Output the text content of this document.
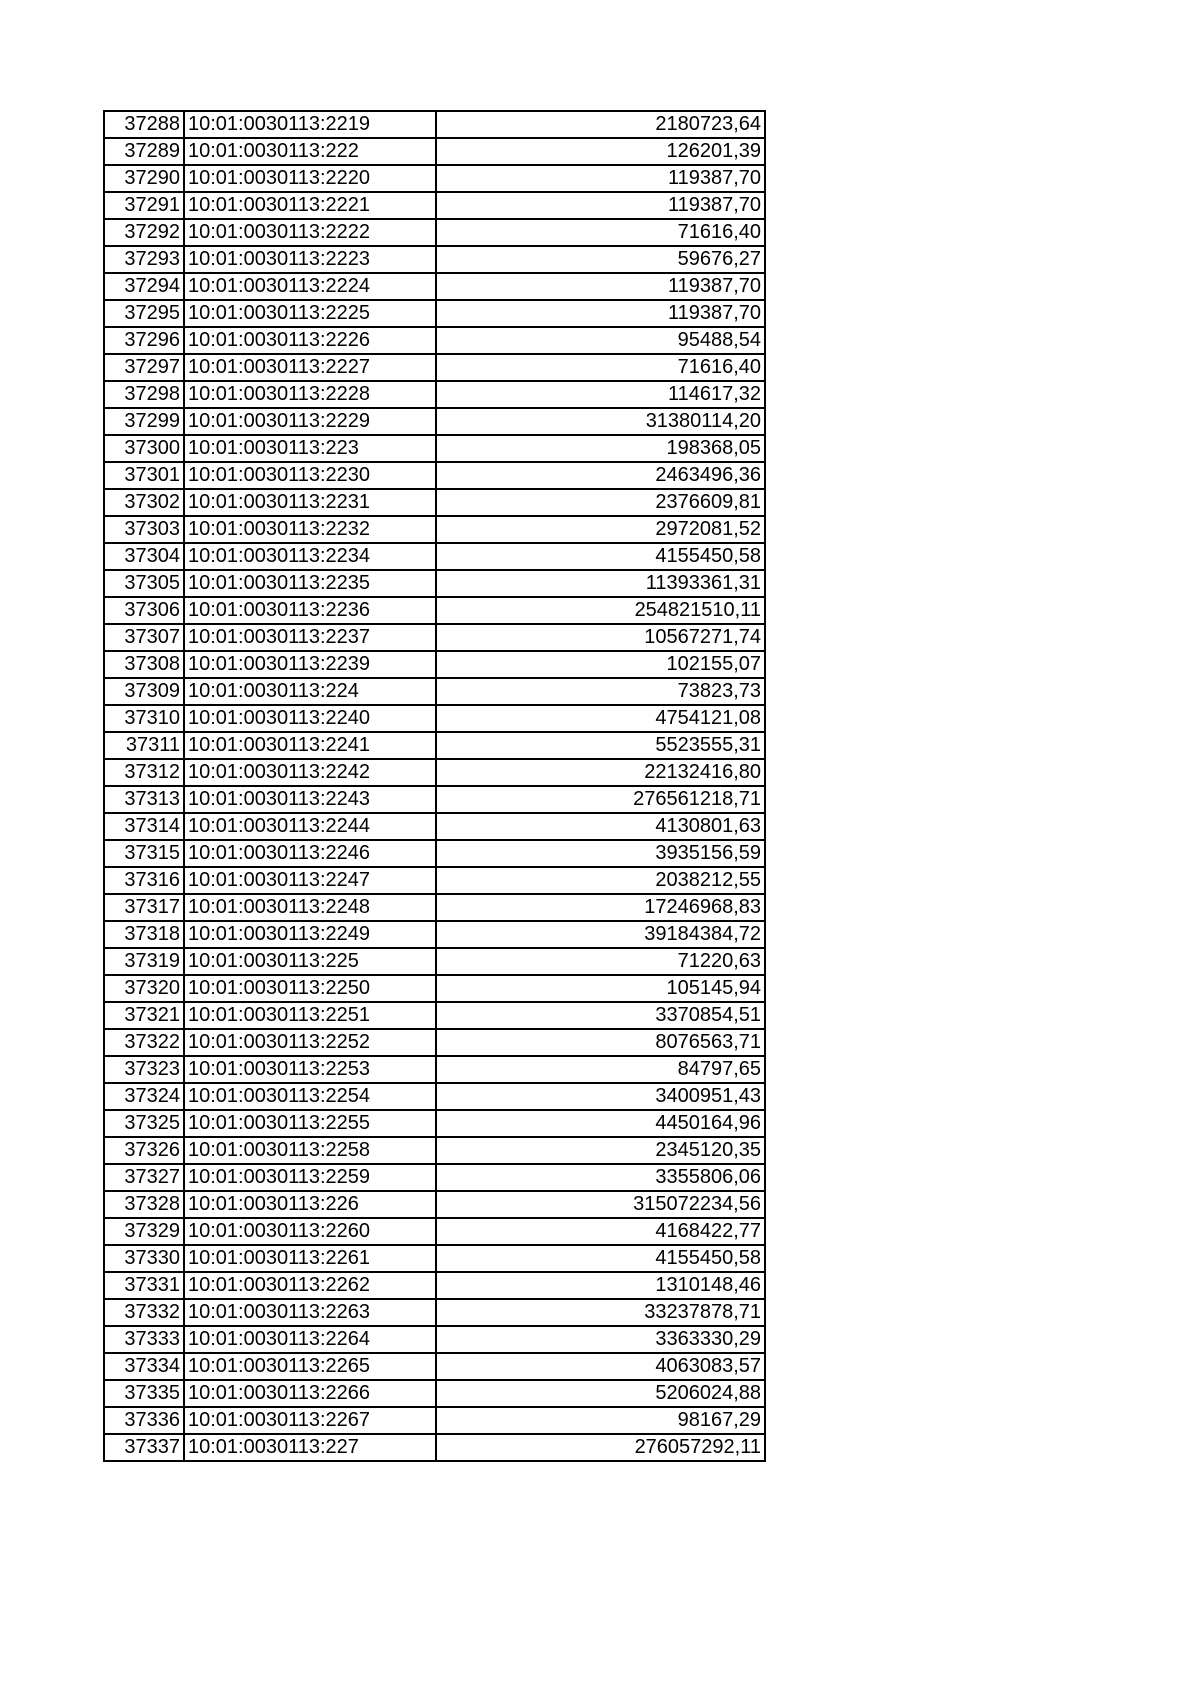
37288	10:01:0030113:2219	2180723,64
37289	10:01:0030113:222	126201,39
37290	10:01:0030113:2220	119387,70
37291	10:01:0030113:2221	119387,70
37292	10:01:0030113:2222	71616,40
37293	10:01:0030113:2223	59676,27
37294	10:01:0030113:2224	119387,70
37295	10:01:0030113:2225	119387,70
37296	10:01:0030113:2226	95488,54
37297	10:01:0030113:2227	71616,40
37298	10:01:0030113:2228	114617,32
37299	10:01:0030113:2229	31380114,20
37300	10:01:0030113:223	198368,05
37301	10:01:0030113:2230	2463496,36
37302	10:01:0030113:2231	2376609,81
37303	10:01:0030113:2232	2972081,52
37304	10:01:0030113:2234	4155450,58
37305	10:01:0030113:2235	11393361,31
37306	10:01:0030113:2236	254821510,11
37307	10:01:0030113:2237	10567271,74
37308	10:01:0030113:2239	102155,07
37309	10:01:0030113:224	73823,73
37310	10:01:0030113:2240	4754121,08
37311	10:01:0030113:2241	5523555,31
37312	10:01:0030113:2242	22132416,80
37313	10:01:0030113:2243	276561218,71
37314	10:01:0030113:2244	4130801,63
37315	10:01:0030113:2246	3935156,59
37316	10:01:0030113:2247	2038212,55
37317	10:01:0030113:2248	17246968,83
37318	10:01:0030113:2249	39184384,72
37319	10:01:0030113:225	71220,63
37320	10:01:0030113:2250	105145,94
37321	10:01:0030113:2251	3370854,51
37322	10:01:0030113:2252	8076563,71
37323	10:01:0030113:2253	84797,65
37324	10:01:0030113:2254	3400951,43
37325	10:01:0030113:2255	4450164,96
37326	10:01:0030113:2258	2345120,35
37327	10:01:0030113:2259	3355806,06
37328	10:01:0030113:226	315072234,56
37329	10:01:0030113:2260	4168422,77
37330	10:01:0030113:2261	4155450,58
37331	10:01:0030113:2262	1310148,46
37332	10:01:0030113:2263	33237878,71
37333	10:01:0030113:2264	3363330,29
37334	10:01:0030113:2265	4063083,57
37335	10:01:0030113:2266	5206024,88
37336	10:01:0030113:2267	98167,29
37337	10:01:0030113:227	276057292,11
